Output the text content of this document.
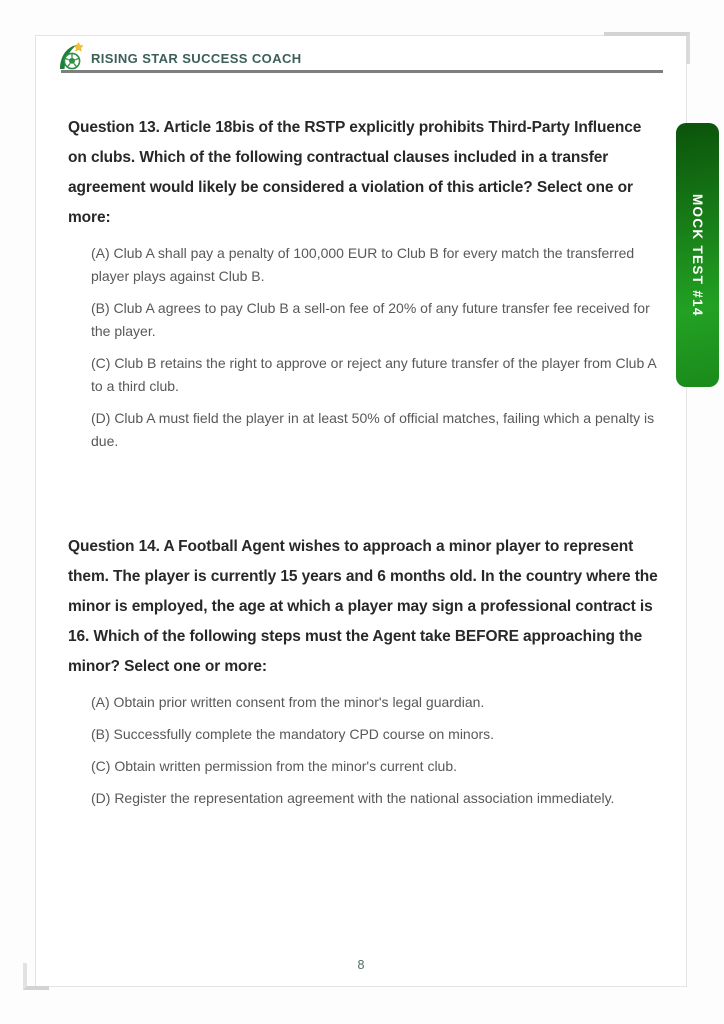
RISING STAR SUCCESS COACH

Question 13. Article 18bis of the RSTP explicitly prohibits Third-Party Influence on clubs. Which of the following contractual clauses included in a transfer agreement would likely be considered a violation of this article? Select one or more:

(A) Club A shall pay a penalty of 100,000 EUR to Club B for every match the transferred player plays against Club B.

(B) Club A agrees to pay Club B a sell-on fee of 20% of any future transfer fee received for the player.

(C) Club B retains the right to approve or reject any future transfer of the player from Club A to a third club.

(D) Club A must field the player in at least 50% of official matches, failing which a penalty is due.

Question 14. A Football Agent wishes to approach a minor player to represent them. The player is currently 15 years and 6 months old. In the country where the minor is employed, the age at which a player may sign a professional contract is 16. Which of the following steps must the Agent take BEFORE approaching the minor? Select one or more:

(A) Obtain prior written consent from the minor's legal guardian.

(B) Successfully complete the mandatory CPD course on minors.

(C) Obtain written permission from the minor's current club.

(D) Register the representation agreement with the national association immediately.

8
MOCK TEST #14
